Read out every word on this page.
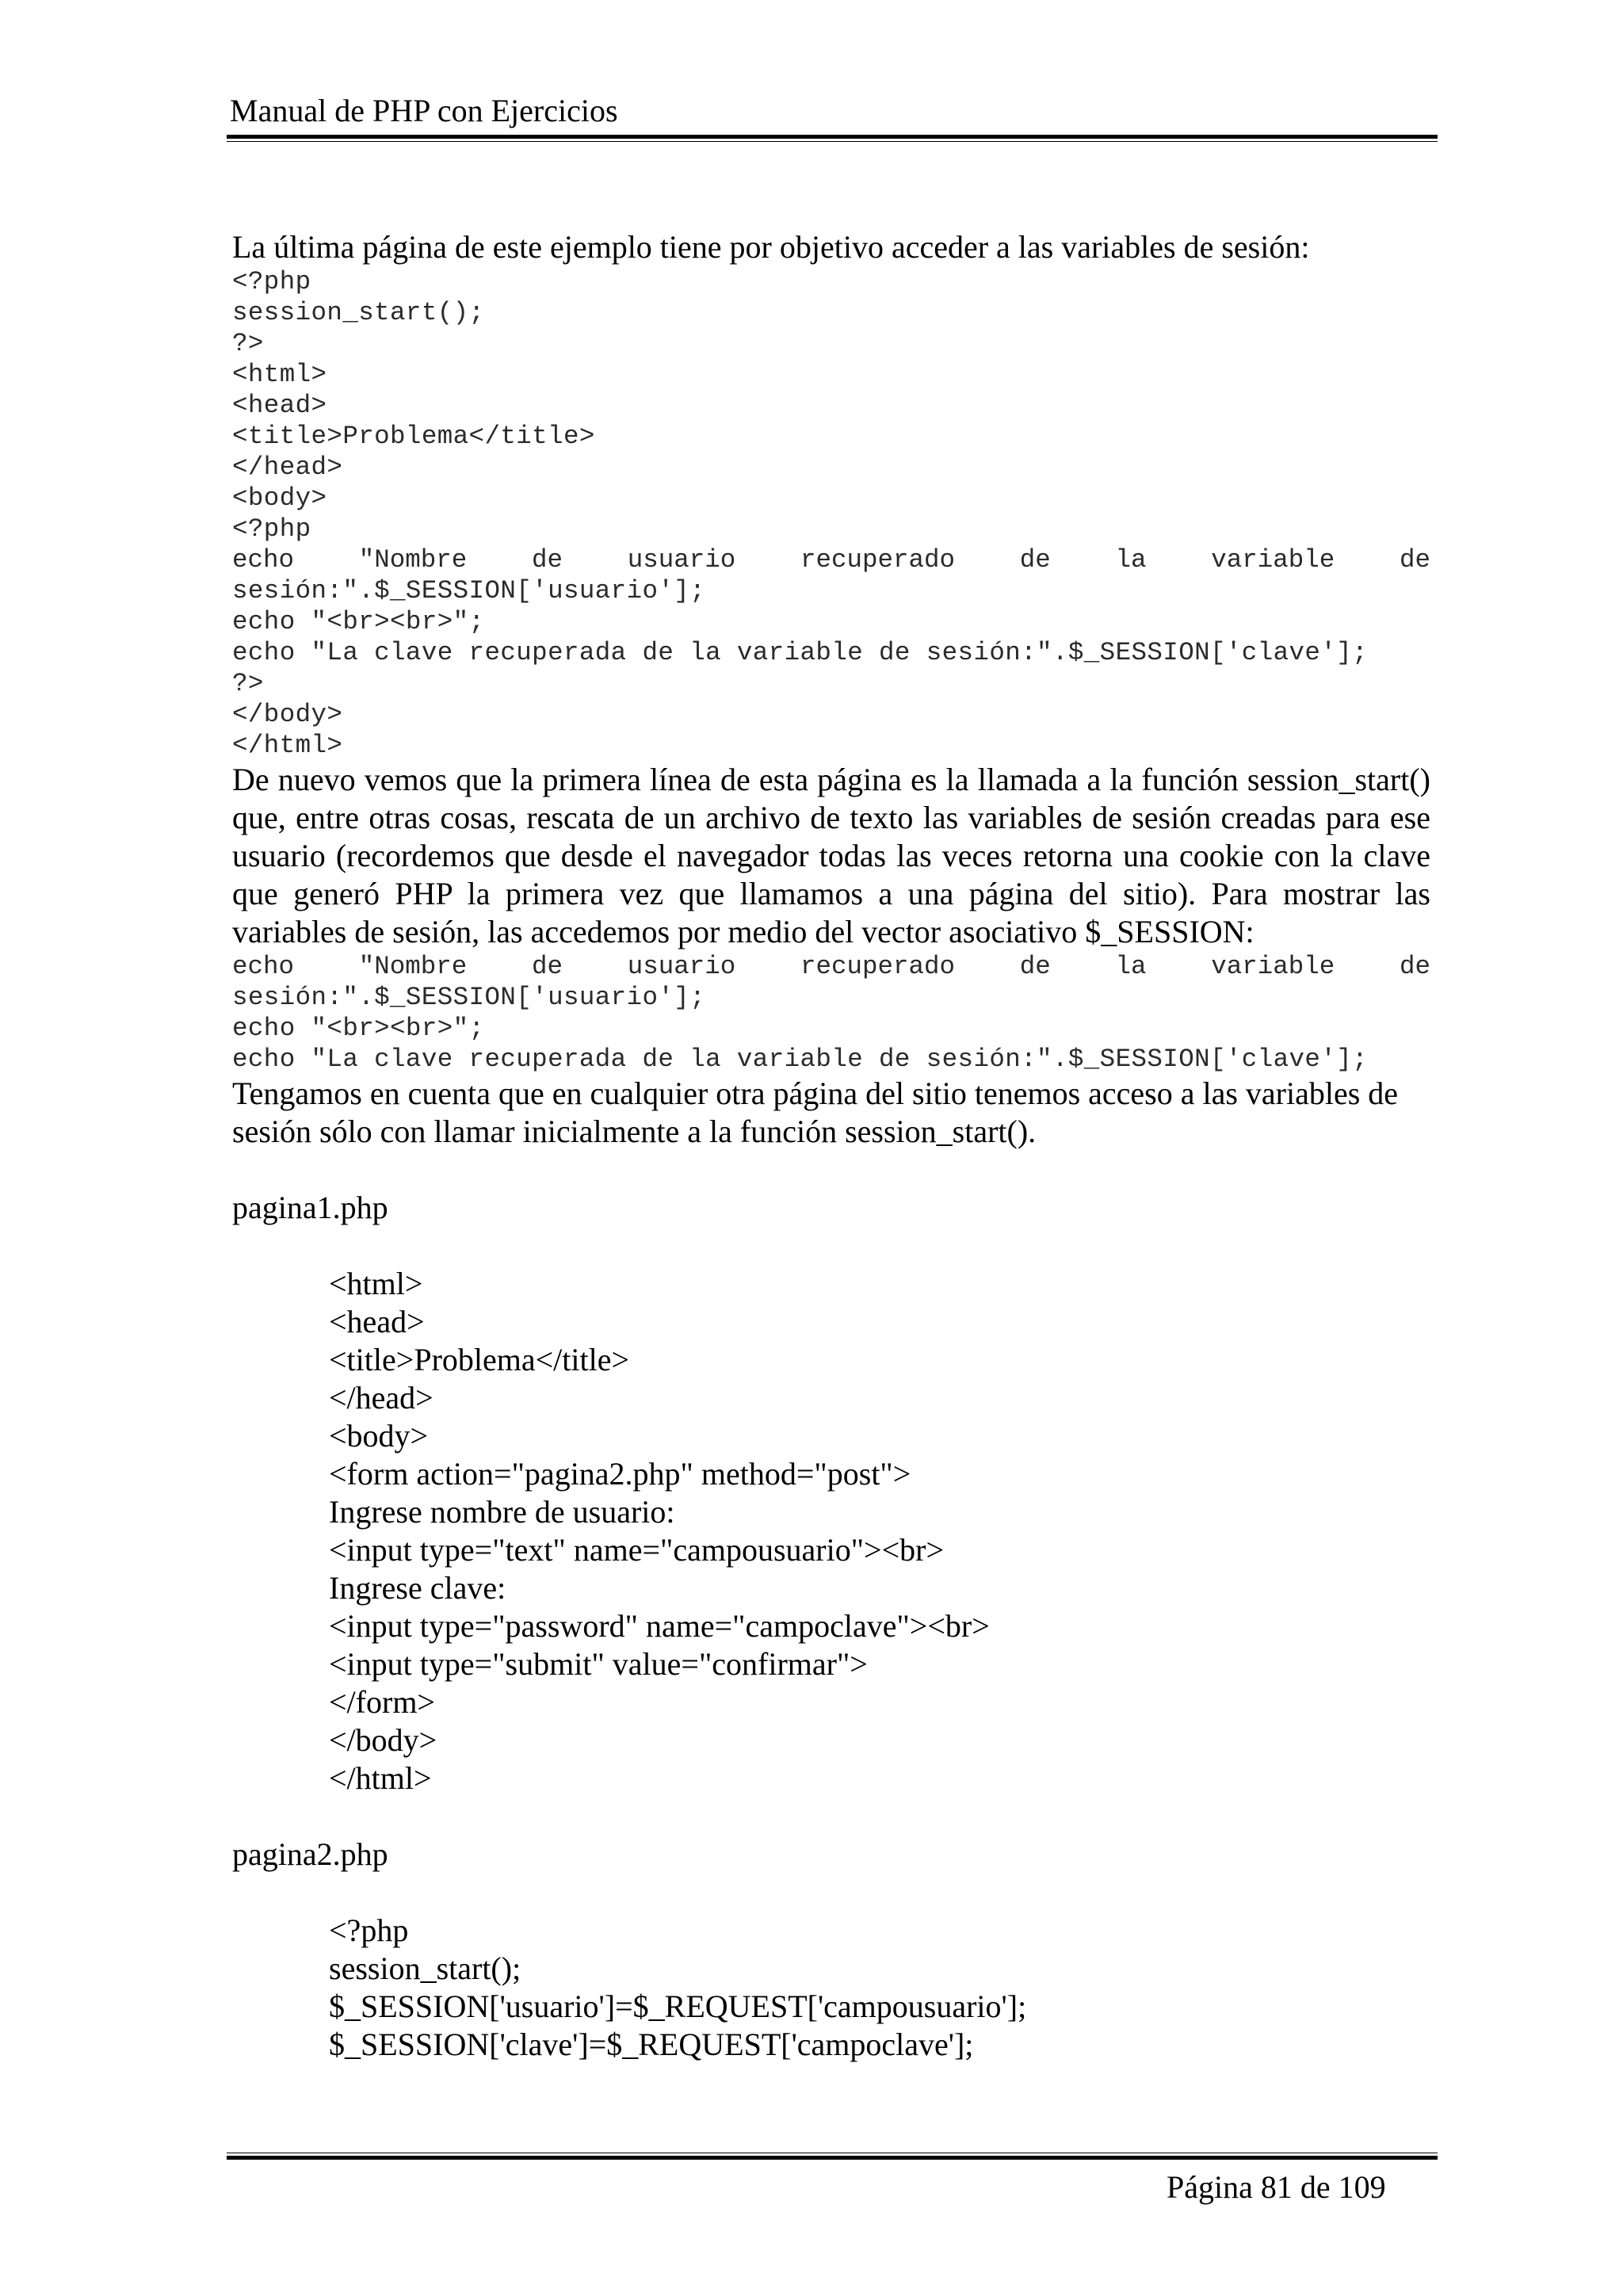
Manual de PHP con Ejercicios
La última página de este ejemplo tiene por objetivo acceder a las variables de sesión:
<?php
session_start();
?>
<html>
<head>
<title>Problema</title>
</head>
<body>
<?php
echo "Nombre de usuario recuperado de la variable de
sesión:".$_SESSION['usuario'];
echo "<br><br>";
echo "La clave recuperada de la variable de sesión:".$_SESSION['clave'];
?>
</body>
</html>
De nuevo vemos que la primera línea de esta página es la llamada a la función session_start() que, entre otras cosas, rescata de un archivo de texto las variables de sesión creadas para ese usuario (recordemos que desde el navegador todas las veces retorna una cookie con la clave que generó PHP la primera vez que llamamos a una página del sitio). Para mostrar las variables de sesión, las accedemos por medio del vector asociativo $_SESSION:
echo "Nombre de usuario recuperado de la variable de
sesión:".$_SESSION['usuario'];
echo "<br><br>";
echo "La clave recuperada de la variable de sesión:".$_SESSION['clave'];
Tengamos en cuenta que en cualquier otra página del sitio tenemos acceso a las variables de sesión sólo con llamar inicialmente a la función session_start().
pagina1.php
<html>
<head>
<title>Problema</title>
</head>
<body>
<form action="pagina2.php" method="post">
Ingrese nombre de usuario:
<input type="text" name="campousuario"><br>
Ingrese clave:
<input type="password" name="campoclave"><br>
<input type="submit" value="confirmar">
</form>
</body>
</html>
pagina2.php
<?php
session_start();
$_SESSION['usuario']=$_REQUEST['campousuario'];
$_SESSION['clave']=$_REQUEST['campoclave'];
Página 81 de 109
